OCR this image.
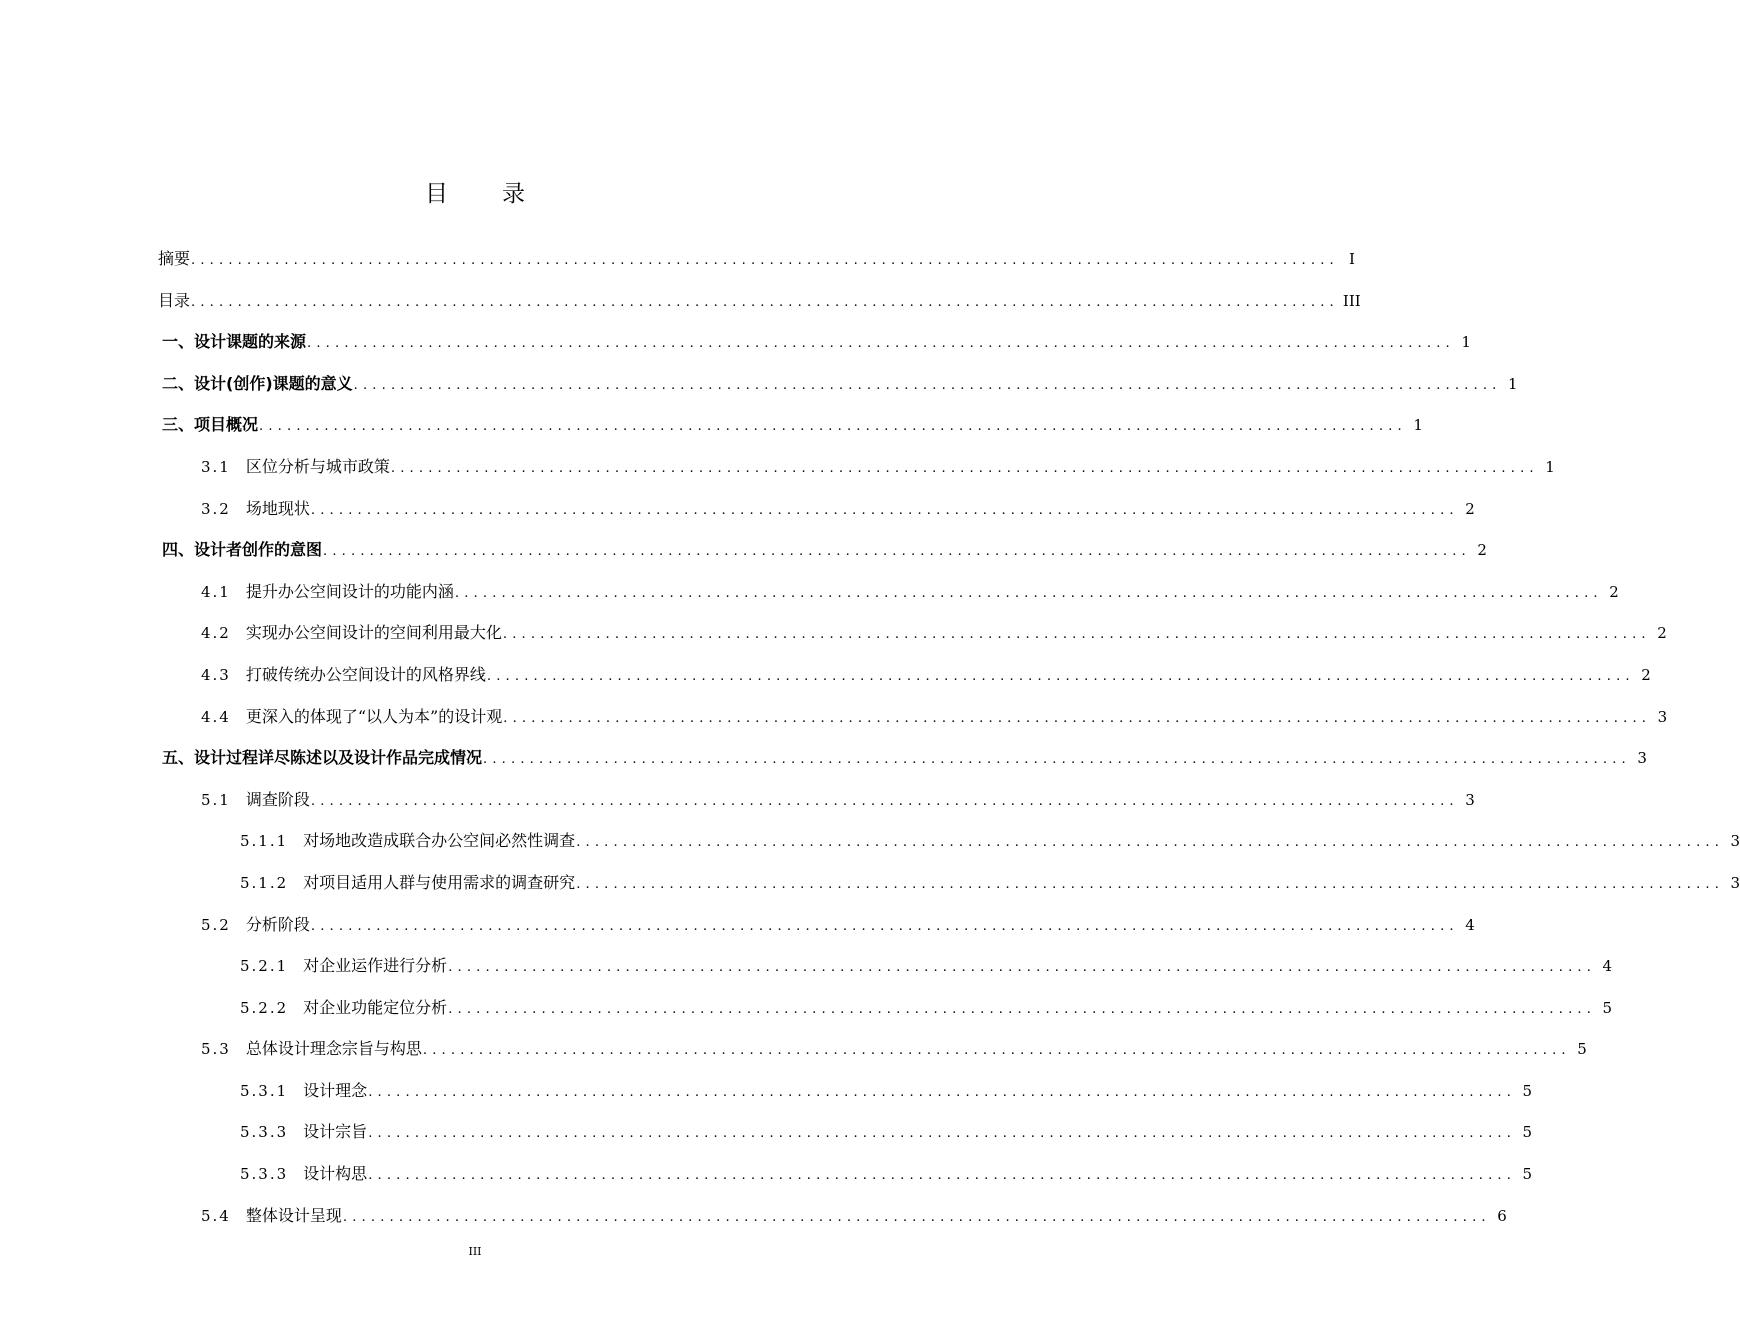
目录
摘要 ........................................................................................................................... I
目录 ........................................................................................................................... III
一、设计课题的来源 ........................................................................................................................... 1
二、设计(创作)课题的意义 ........................................................................................................................... 1
三、项目概况 ........................................................................................................................... 1
3.1 区位分析与城市政策 ........................................................................................................................... 1
3.2 场地现状 ........................................................................................................................... 2
四、设计者创作的意图 ........................................................................................................................... 2
4.1 提升办公空间设计的功能内涵 ........................................................................................................................... 2
4.2 实现办公空间设计的空间利用最大化 ........................................................................................................................... 2
4.3 打破传统办公空间设计的风格界线 ........................................................................................................................... 2
4.4 更深入的体现了“以人为本”的设计观 ........................................................................................................................... 3
五、设计过程详尽陈述以及设计作品完成情况 ........................................................................................................................... 3
5.1 调查阶段 ........................................................................................................................... 3
5.1.1 对场地改造成联合办公空间必然性调查 ........................................................................................................................... 3
5.1.2 对项目适用人群与使用需求的调查研究 ........................................................................................................................... 3
5.2 分析阶段 ........................................................................................................................... 4
5.2.1 对企业运作进行分析 ........................................................................................................................... 4
5.2.2 对企业功能定位分析 ........................................................................................................................... 5
5.3 总体设计理念宗旨与构思 ........................................................................................................................... 5
5.3.1 设计理念 ........................................................................................................................... 5
5.3.3 设计宗旨 ........................................................................................................................... 5
5.3.3 设计构思 ........................................................................................................................... 5
5.4 整体设计呈现 ........................................................................................................................... 6
III
